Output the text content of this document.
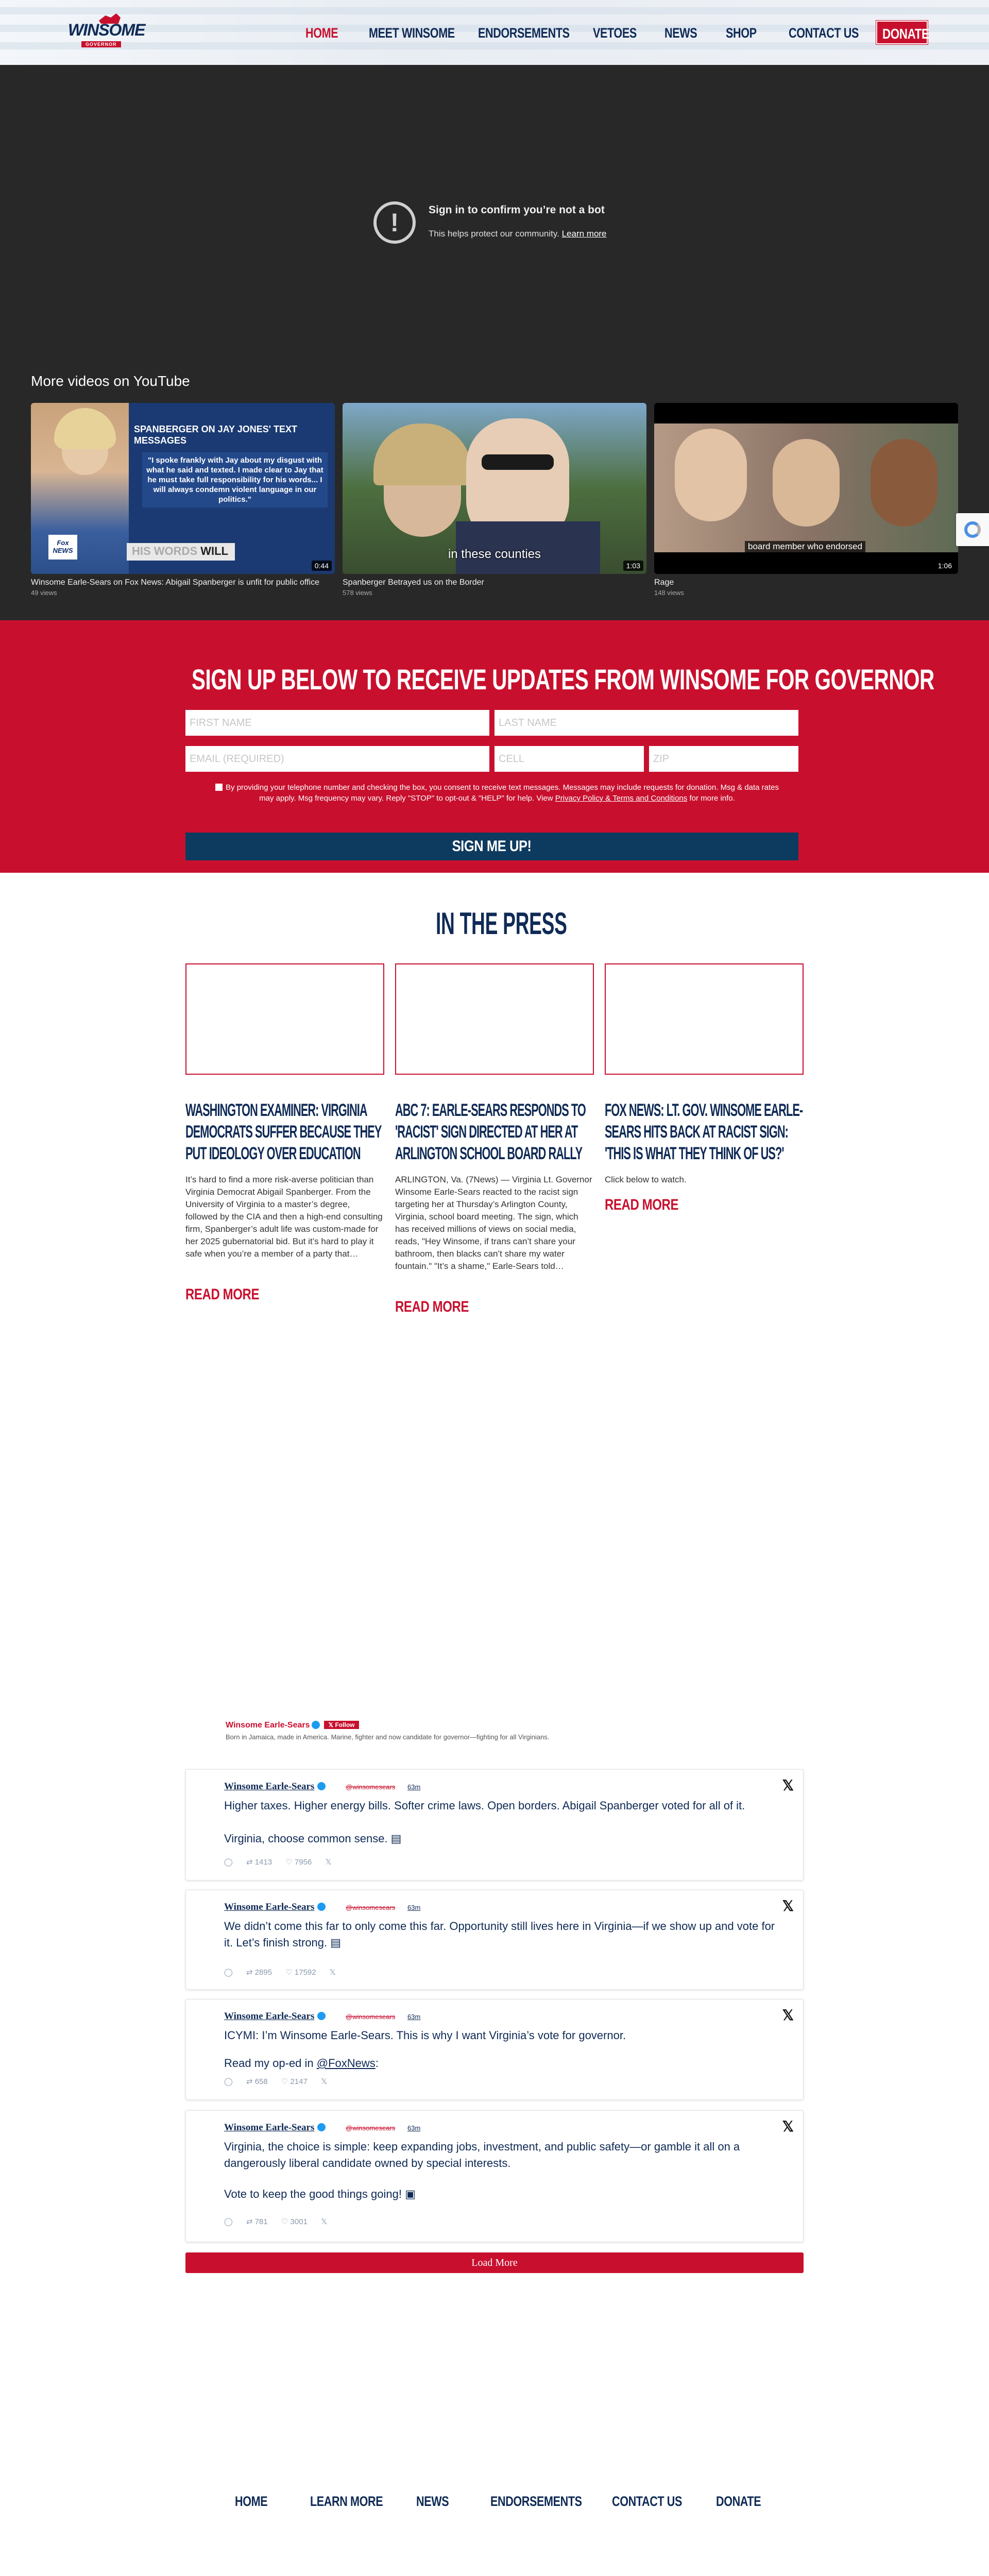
WINSOME
GOVERNOR
HOME	MEET WINSOME	ENDORSEMENTS	VETOES	NEWS	SHOP	CONTACT US	DONATE
!	Sign in to confirm you’re not a bot
This helps protect our community. Learn more
More videos on YouTube
SPANBERGER ON JAY JONES' TEXT MESSAGES
"I spoke frankly with Jay about my disgust with what he said and texted. I made clear to Jay that he must take full responsibility for his words... I will always condemn violent language in our politics."
Fox NEWS	HIS WORDS WILL
0:44
Winsome Earle-Sears on Fox News: Abigail Spanberger is unfit for public office
49 views
in these counties
1:03
Spanberger Betrayed us on the Border
578 views
board member who endorsed
1:06
Rage
148 views
SIGN UP BELOW TO RECEIVE UPDATES FROM WINSOME FOR GOVERNOR
FIRST NAME
LAST NAME
EMAIL (REQUIRED)
CELL
ZIP
By providing your telephone number and checking the box, you consent to receive text messages. Messages may include requests for donation. Msg & data rates may apply. Msg frequency may vary. Reply "STOP" to opt-out & "HELP" for help. View Privacy Policy & Terms and Conditions for more info.
SIGN ME UP!
IN THE PRESS
WASHINGTON EXAMINER: VIRGINIA DEMOCRATS SUFFER BECAUSE THEY PUT IDEOLOGY OVER EDUCATION
It’s hard to find a more risk-averse politician than Virginia Democrat Abigail Spanberger. From the University of Virginia to a master’s degree, followed by the CIA and then a high-end consulting firm, Spanberger’s adult life was custom-made for her 2025 gubernatorial bid. But it’s hard to play it safe when you’re a member of a party that…
READ MORE
ABC 7: EARLE-SEARS RESPONDS TO 'RACIST' SIGN DIRECTED AT HER AT ARLINGTON SCHOOL BOARD RALLY
ARLINGTON, Va. (7News) — Virginia Lt. Governor Winsome Earle-Sears reacted to the racist sign targeting her at Thursday’s Arlington County, Virginia, school board meeting. The sign, which has received millions of views on social media, reads, "Hey Winsome, if trans can’t share your bathroom, then blacks can’t share my water fountain." "It’s a shame," Earle-Sears told…
READ MORE
FOX NEWS: LT. GOV. WINSOME EARLE-SEARS HITS BACK AT RACIST SIGN: 'THIS IS WHAT THEY THINK OF US?'
Click below to watch.
READ MORE
Winsome Earle-Sears	𝕏 Follow
Born in Jamaica, made in America. Marine, fighter and now candidate for governor—fighting for all Virginians.
Winsome Earle-Sears	@winsomesears 63m	𝕏
Higher taxes. Higher energy bills. Softer crime laws. Open borders. Abigail Spanberger voted for all of it.
Virginia, choose common sense. ▤
◯ ⇄ 1413 ♡ 7956 𝕏
Winsome Earle-Sears	@winsomesears 63m	𝕏
We didn’t come this far to only come this far. Opportunity still lives here in Virginia—if we show up and vote for it. Let’s finish strong. ▤
◯ ⇄ 2895 ♡ 17592 𝕏
Winsome Earle-Sears	@winsomesears 63m	𝕏
ICYMI: I’m Winsome Earle-Sears. This is why I want Virginia’s vote for governor.
Read my op-ed in @FoxNews:
◯ ⇄ 658 ♡ 2147 𝕏
Winsome Earle-Sears	@winsomesears 63m	𝕏
Virginia, the choice is simple: keep expanding jobs, investment, and public safety—or gamble it all on a dangerously liberal candidate owned by special interests.
Vote to keep the good things going! ▣
◯ ⇄ 781 ♡ 3001 𝕏
Load More
HOME	LEARN MORE	NEWS	ENDORSEMENTS	CONTACT US	DONATE
